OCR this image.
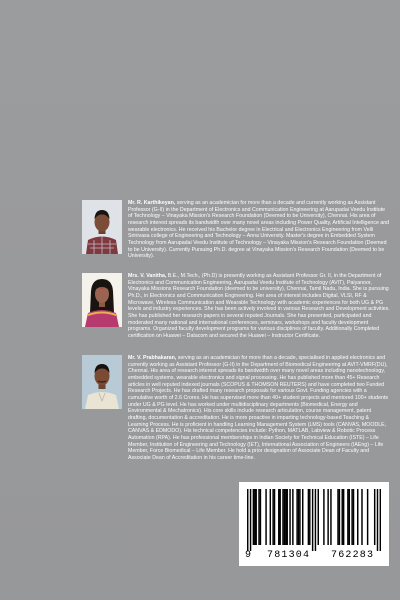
Mr. R. Karthikeyan, serving as an academician for more than a decade and currently working as Assistant Professor (G-II) in the Department of Electronics and Communication Engineering at Aarupadai Veedu Institute of Technology – Vinayaka Mission's Research Foundation (Deemed to be University), Chennai. His area of research interest spreads its bandwidth over many novel areas including Power Quality, Artificial Intelligence and wearable electronics. He received his Bachelor degree in Electrical and Electronics Engineering from Velli Srinivasa college of Engineering and Technology – Anna University. Master's degree in Embedded System Technology from Aarupadai Veedu Institute of Technology – Vinayaka Mission's Research Foundation (Deemed to be University). Currently Pursuing Ph.D. degree at Vinayaka Mission's Research Foundation (Deemed to be University).

Mrs. V. Vanitha, B.E., M.Tech., (Ph.D) is presently working as Assistant Professor Gr. II, in the Department of Electronics and Communication Engineering, Aarupadai Veedu Institute of Technology (AVIT), Paiyanoor, Vinayaka Missions Research Foundation (deemed to be university), Chennai, Tamil Nadu, India. She is pursuing Ph.D., in Electronics and Communication Engineering. Her area of interest includes Digital, VLSI, RF & Microwave, Wireless Communication and Wearable Technology with academic experiences for both UG & PG levels and industry experiences. She has been actively involved in various Research and Development activities. She has published her research papers in several reputed Journals. She has presented, participated and moderated many national and international conferences, seminars, workshops and faculty development programs. Organized faculty development programs for various disciplines of faculty. Additionally Completed certification on Huawei – Datacom and secured the Huawei – Instructor Certificate.

Mr. V. Prabhakaran, serving as an academician for more than a decade, specialised in applied electronics and currently working as Assistant Professor (G-II) in the Department of Biomedical Engineering at AVIT-VMRF(DU), Chennai. His area of research interest spreads its bandwidth over many novel areas including nanotechnology, embedded systems, wearable electronics and signal processing. He has published more than 45+ Research articles in well reputed indexed journals (SCOPUS & THOMSON REUTERS) and have completed two Funded Research Projects. He has drafted many research proposals for various Govt. Funding agencies with a cumulative worth of 2.6 Crores. He has supervised more than 40+ student projects and mentored 100+ students under UG & PG level. He has worked under multidisciplinary departments (Biomedical, Energy and Environmental & Mechatronics). His core skills include research articulation, course management, patent drafting, documentation & accreditation. He is more proactive in imparting technology-based Teaching & Learning Process. He is proficient in handling Learning Management System (LMS) tools (CANVAS, MOODLE, CANVAS & EDMODO). His technical competencies include: Python, MATLAB, Labview & Robotic Process Automation (RPA). He has professional memberships in Indian Society for Technical Education (ISTE) – Life Member, Institution of Engineering and Technology (IET), International Association of Engineers (IAEng) – Life Member, Force Biomedical – Life Member. He hold a prior designation of Associate Dean of Faculty and Associate Dean of Accreditation in his career time-line.

9 781304 762283
